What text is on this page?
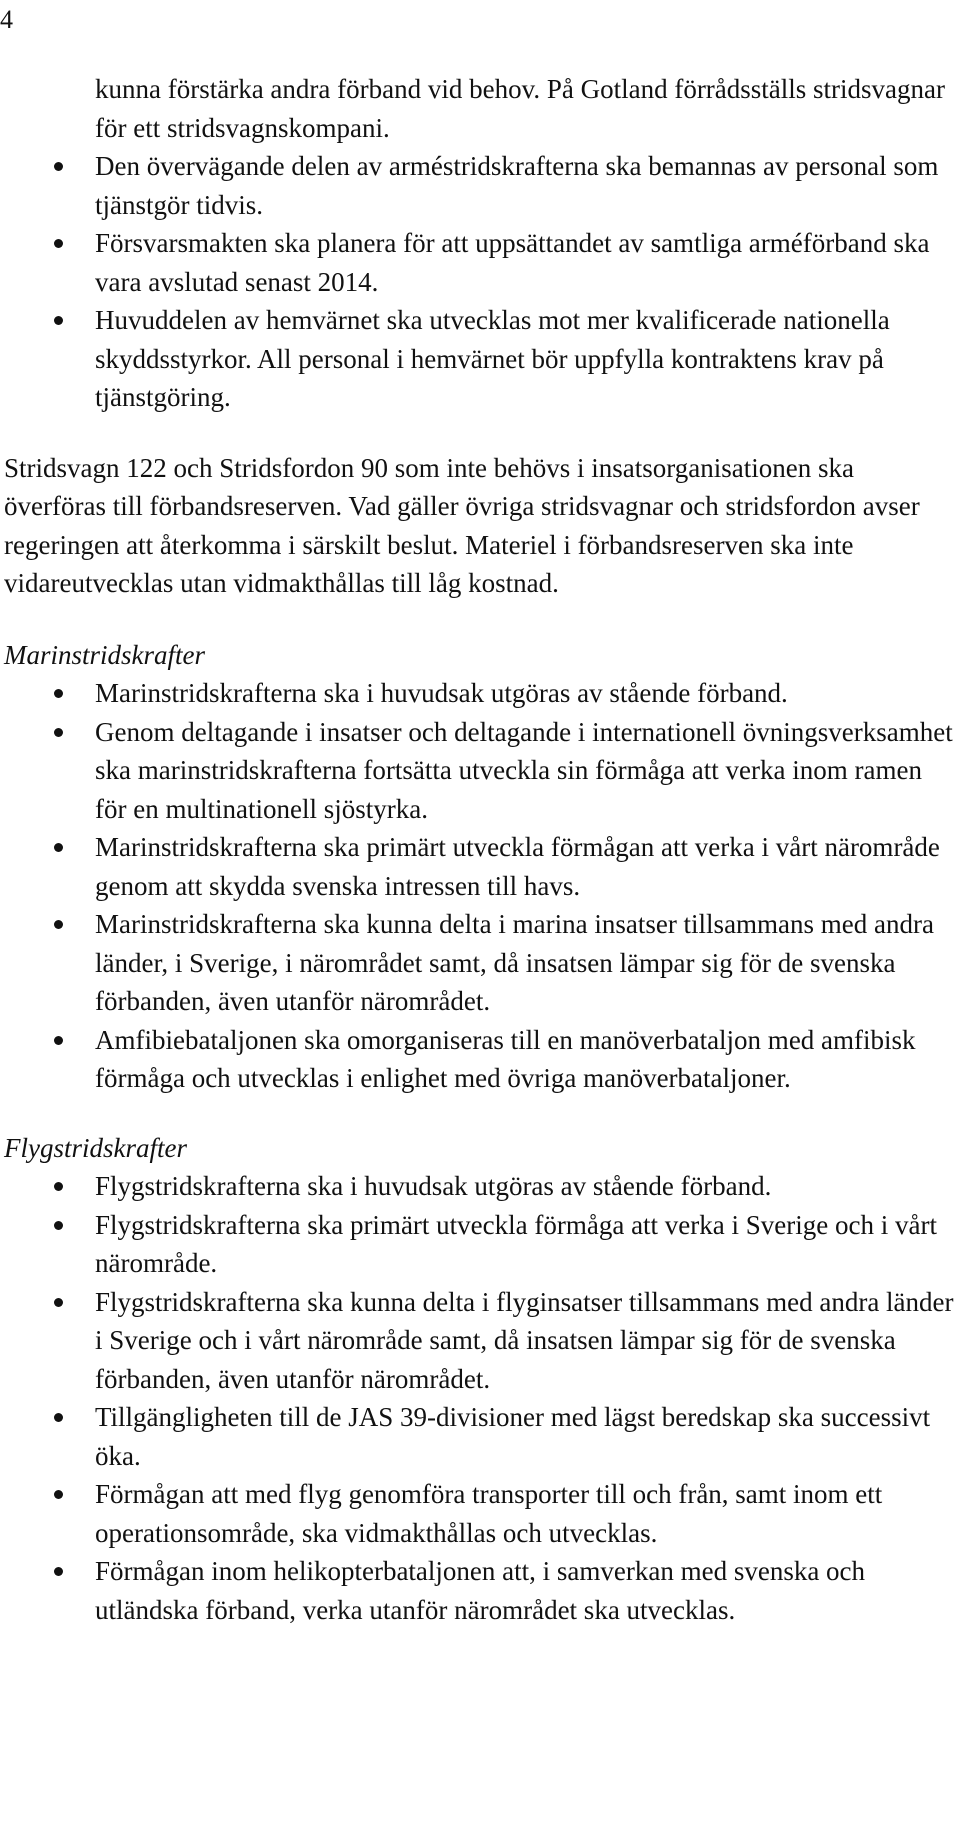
4
kunna förstärka andra förband vid behov. På Gotland förrådsställs stridsvagnar för ett stridsvagnskompani.
Den övervägande delen av arméstridskrafterna ska bemannas av personal som tjänstgör tidvis.
Försvarsmakten ska planera för att uppsättandet av samtliga arméförband ska vara avslutad senast 2014.
Huvuddelen av hemvärnet ska utvecklas mot mer kvalificerade nationella skyddsstyrkor. All personal i hemvärnet bör uppfylla kontraktens krav på tjänstgöring.

Stridsvagn 122 och Stridsfordon 90 som inte behövs i insatsorganisationen ska överföras till förbandsreserven. Vad gäller övriga stridsvagnar och stridsfordon avser regeringen att återkomma i särskilt beslut. Materiel i förbandsreserven ska inte vidareutvecklas utan vidmakthållas till låg kostnad.

Marinstridskrafter
Marinstridskrafterna ska i huvudsak utgöras av stående förband.
Genom deltagande i insatser och deltagande i internationell övningsverksamhet ska marinstridskrafterna fortsätta utveckla sin förmåga att verka inom ramen för en multinationell sjöstyrka.
Marinstridskrafterna ska primärt utveckla förmågan att verka i vårt närområde genom att skydda svenska intressen till havs.
Marinstridskrafterna ska kunna delta i marina insatser tillsammans med andra länder, i Sverige, i närområdet samt, då insatsen lämpar sig för de svenska förbanden, även utanför närområdet.
Amfibiebataljonen ska omorganiseras till en manöverbataljon med amfibisk förmåga och utvecklas i enlighet med övriga manöverbataljoner.
Flygstridskrafter
Flygstridskrafterna ska i huvudsak utgöras av stående förband.
Flygstridskrafterna ska primärt utveckla förmåga att verka i Sverige och i vårt närområde.
Flygstridskrafterna ska kunna delta i flyginsatser tillsammans med andra länder i Sverige och i vårt närområde samt, då insatsen lämpar sig för de svenska förbanden, även utanför närområdet.
Tillgängligheten till de JAS 39-divisioner med lägst beredskap ska successivt öka.
Förmågan att med flyg genomföra transporter till och från, samt inom ett operationsområde, ska vidmakthållas och utvecklas.
Förmågan inom helikopterbataljonen att, i samverkan med svenska och utländska förband, verka utanför närområdet ska utvecklas.
